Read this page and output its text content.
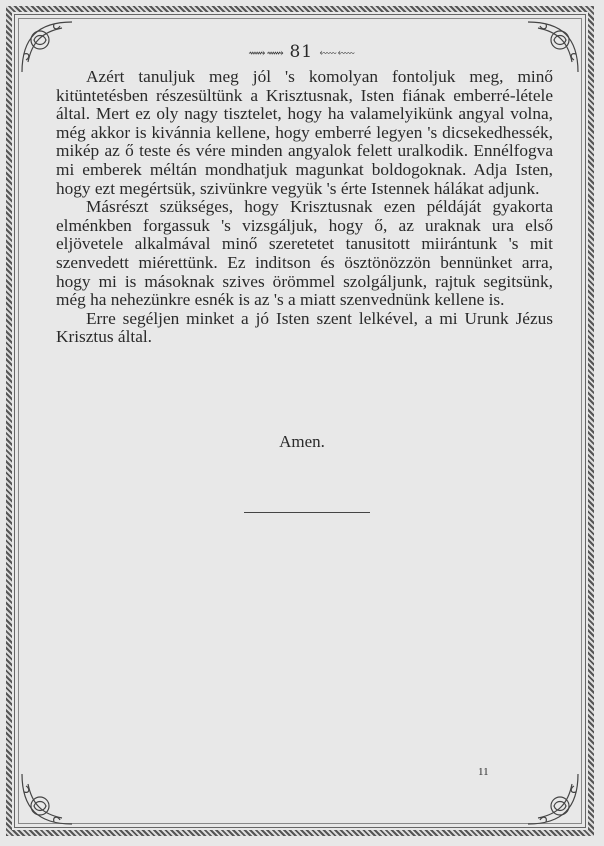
⟿⟿ 81 ⬳⬳

Azért tanuljuk meg jól 's komolyan fontoljuk meg, minő kitüntetésben részesültünk a Krisztusnak, Isten fiának emberré-létele által. Mert ez oly nagy tisztelet, hogy ha valamelyikünk angyal volna, még akkor is kivánnia kellene, hogy emberré legyen 's dicsekedhessék, mikép az ő teste és vére minden angyalok felett uralkodik. Ennélfogva mi emberek méltán mondhatjuk magunkat boldogoknak. Adja Isten, hogy ezt megértsük, szivünkre vegyük 's érte Istennek hálákat adjunk.

Másrészt szükséges, hogy Krisztusnak ezen példáját gyakorta elménkben forgassuk 's vizsgáljuk, hogy ő, az uraknak ura első eljövetele alkalmával minő szeretetet tanusitott miirántunk 's mit szenvedett miérettünk. Ez inditson és ösztönözzön bennünket arra, hogy mi is másoknak szives örömmel szolgáljunk, rajtuk segitsünk, még ha nehezünkre esnék is az 's a miatt szenvednünk kellene is.

Erre segéljen minket a jó Isten szent lelkével, a mi Urunk Jézus Krisztus által.

Amen.
11
